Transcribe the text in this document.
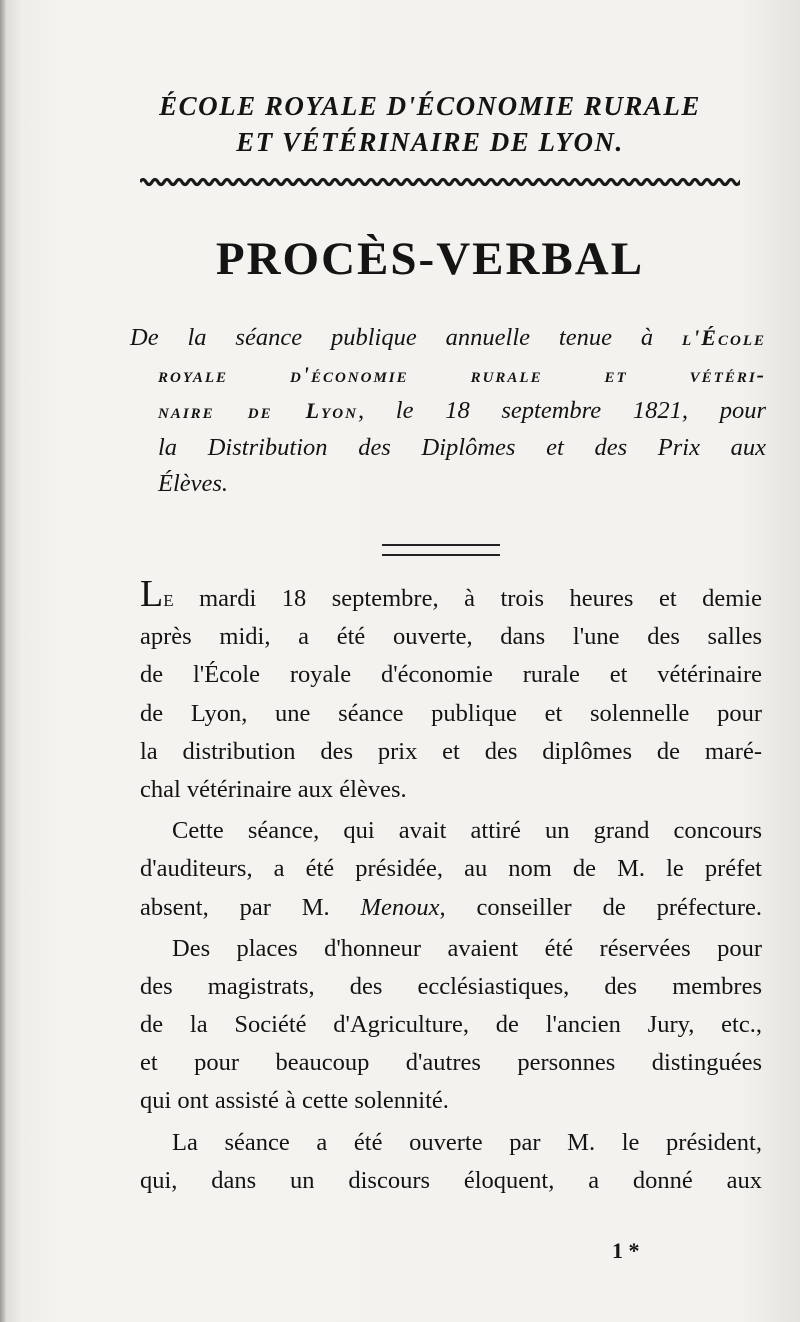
ÉCOLE ROYALE D'ÉCONOMIE RURALE
ET VÉTÉRINAIRE DE LYON.
PROCÈS-VERBAL
De la séance publique annuelle tenue à l'École
royale d'économie rurale et vétéri-
naire de Lyon, le 18 septembre 1821, pour
la Distribution des Diplômes et des Prix aux
Élèves.
Le mardi 18 septembre, à trois heures et demie
après midi, a été ouverte, dans l'une des salles
de l'École royale d'économie rurale et vétérinaire
de Lyon, une séance publique et solennelle pour
la distribution des prix et des diplômes de maré-
chal vétérinaire aux élèves.
Cette séance, qui avait attiré un grand concours
d'auditeurs, a été présidée, au nom de M. le préfet
absent, par M. Menoux, conseiller de préfecture.
Des places d'honneur avaient été réservées pour
des magistrats, des ecclésiastiques, des membres
de la Société d'Agriculture, de l'ancien Jury, etc.,
et pour beaucoup d'autres personnes distinguées
qui ont assisté à cette solennité.
La séance a été ouverte par M. le président,
qui, dans un discours éloquent, a donné aux
1 *
